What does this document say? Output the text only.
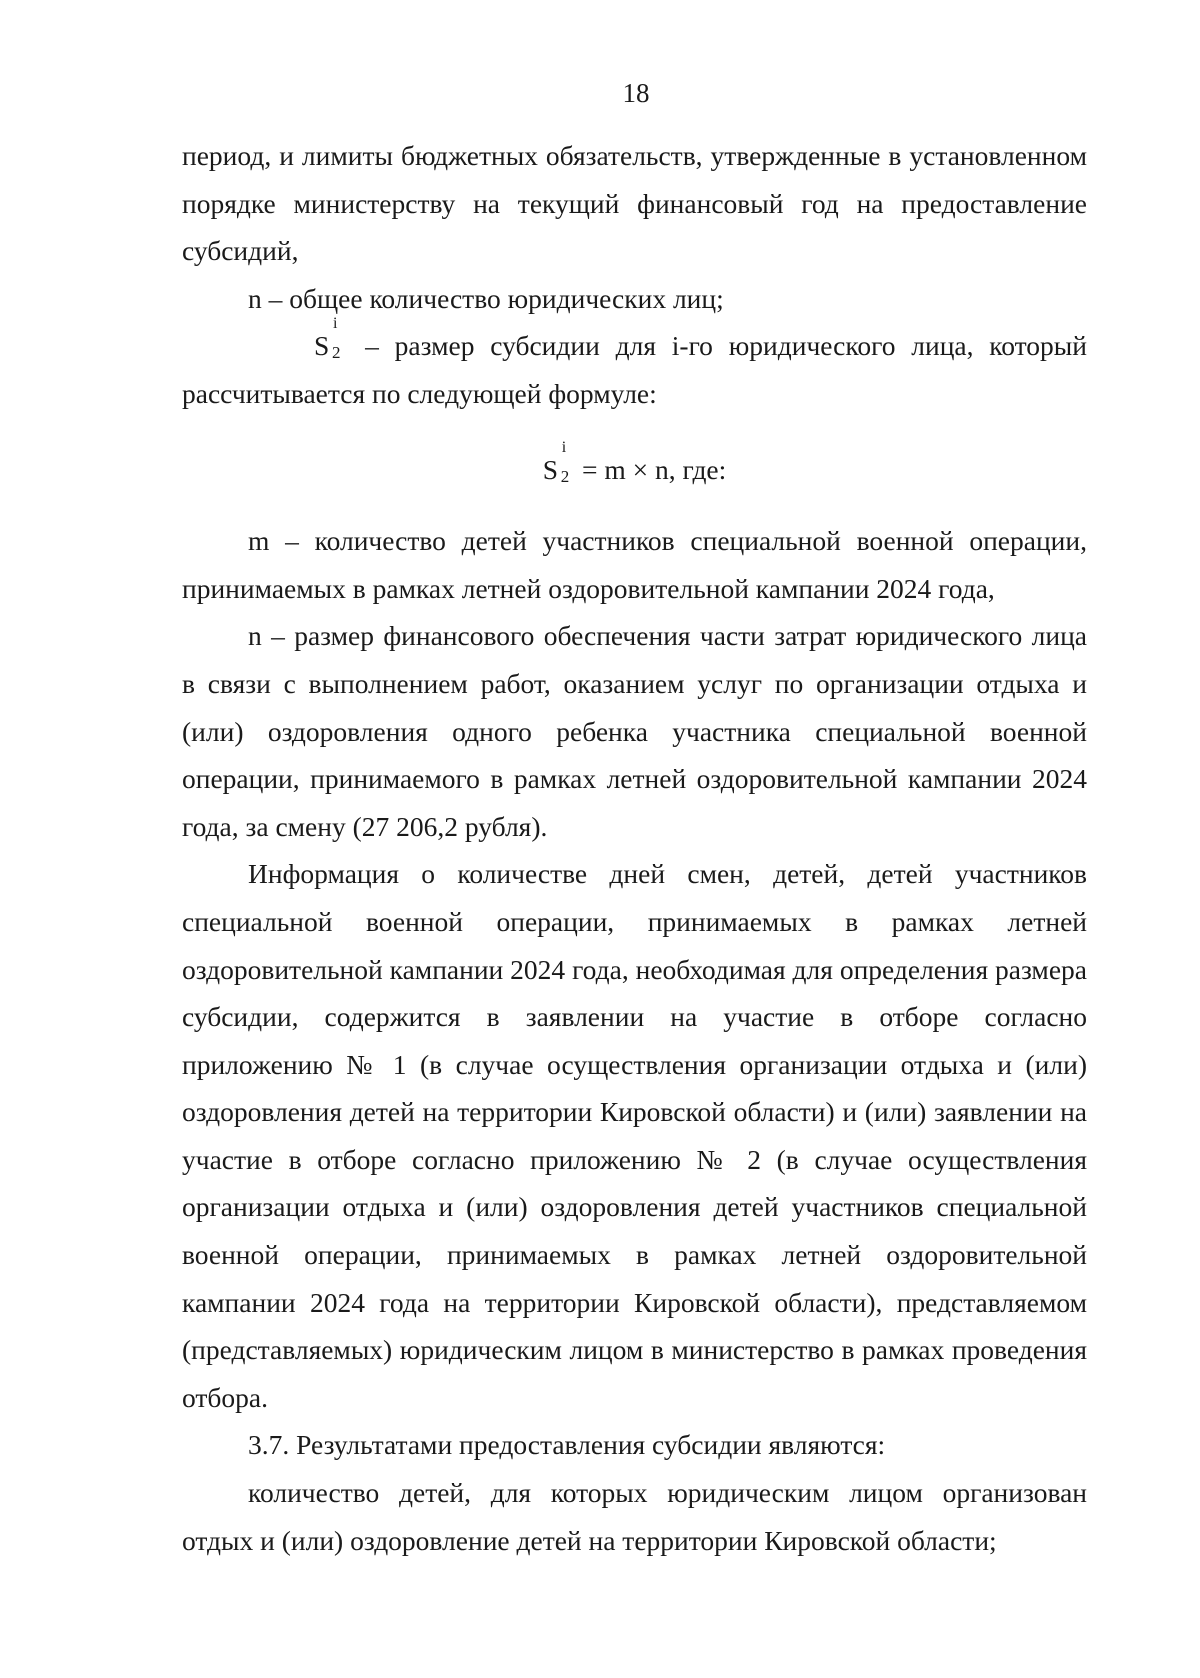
18

период, и лимиты бюджетных обязательств, утвержденные в установленном порядке министерству на текущий финансовый год на предоставление субсидий,

n – общее количество юридических лиц;

S
i
2 – размер субсидии для i-го юридического лица, который рассчитывается по следующей формуле:

S
i
2 = m × n, где:

m – количество детей участников специальной военной операции, принимаемых в рамках летней оздоровительной кампании 2024 года,

n – размер финансового обеспечения части затрат юридического лица в связи с выполнением работ, оказанием услуг по организации отдыха и (или) оздоровления одного ребенка участника специальной военной операции, принимаемого в рамках летней оздоровительной кампании 2024 года, за смену (27 206,2 рубля).

Информация о количестве дней смен, детей, детей участников специальной военной операции, принимаемых в рамках летней оздоровительной кампании 2024 года, необходимая для определения размера субсидии, содержится в заявлении на участие в отборе согласно приложению № 1 (в случае осуществления организации отдыха и (или) оздоровления детей на территории Кировской области) и (или) заявлении на участие в отборе согласно приложению № 2 (в случае осуществления организации отдыха и (или) оздоровления детей участников специальной военной операции, принимаемых в рамках летней оздоровительной кампании 2024 года на территории Кировской области), представляемом (представляемых) юридическим лицом в министерство в рамках проведения отбора.

3.7. Результатами предоставления субсидии являются:

количество детей, для которых юридическим лицом организован отдых и (или) оздоровление детей на территории Кировской области;
